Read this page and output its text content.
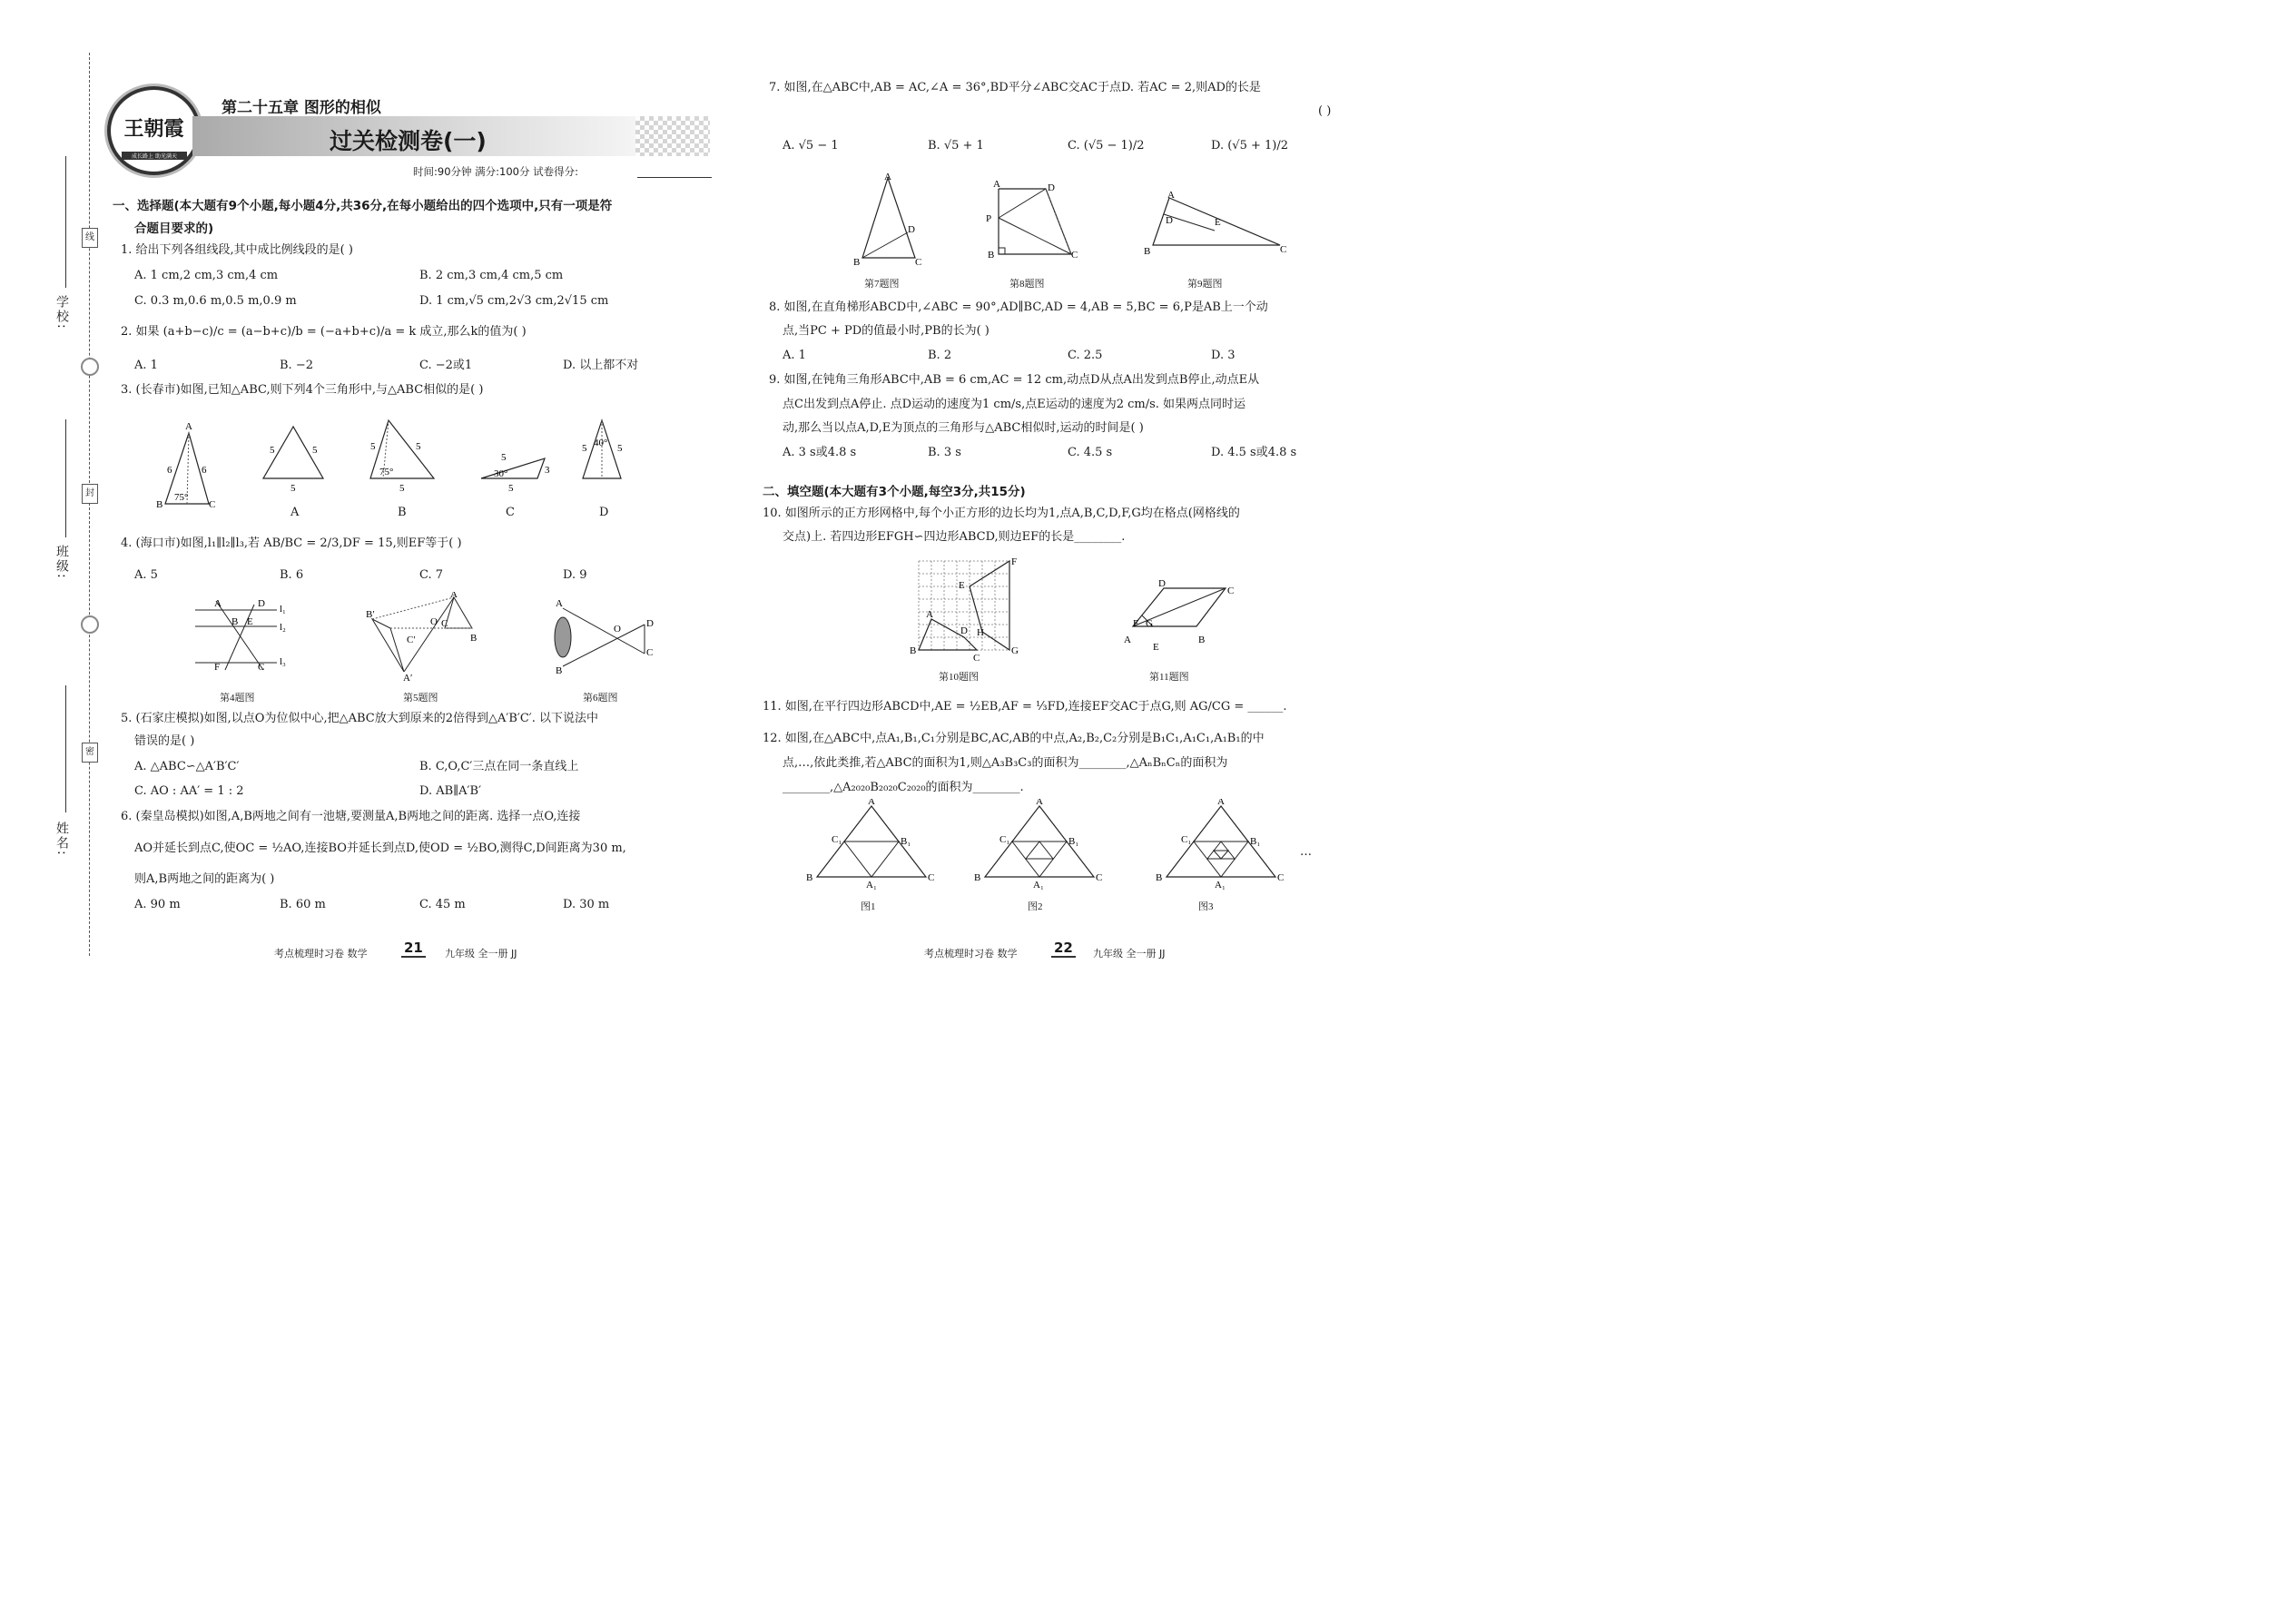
学校:
班级:
姓名:
线
封
密
王朝霞
成长路上 助光满天
第二十五章 图形的相似
过关检测卷(一)
时间:90分钟 满分:100分 试卷得分:
一、选择题(本大题有9个小题,每小题4分,共36分,在每小题给出的四个选项中,只有一项是符
合题目要求的)
1. 给出下列各组线段,其中成比例线段的是( )
A. 1 cm,2 cm,3 cm,4 cm	B. 2 cm,3 cm,4 cm,5 cm
C. 0.3 m,0.6 m,0.5 m,0.9 m	D. 1 cm,√5 cm,2√3 cm,2√15 cm
2. 如果 (a+b−c)/c = (a−b+c)/b = (−a+b+c)/a = k 成立,那么k的值为( )
A. 1	B. −2	C. −2或1	D. 以上都不对
3. (长春市)如图,已知△ABC,则下列4个三角形中,与△ABC相似的是( )
A
B	C
6	6
75°
5	5
5
5	5
5
75°
5
3
5
30°
5	5
40°
A	B	C	D
4. (海口市)如图,l₁∥l₂∥l₃,若 AB/BC = 2/3,DF = 15,则EF等于( )
A. 5	B. 6	C. 7	D. 9
A	D l₁
B E	l₂
F	C l₃
B′
C′
A′
O
A
C
B
A
B
O	D
C
第4题图	第5题图	第6题图
5. (石家庄模拟)如图,以点O为位似中心,把△ABC放大到原来的2倍得到△A′B′C′. 以下说法中
错误的是( )
A. △ABC∽△A′B′C′	B. C,O,C′三点在同一条直线上
C. AO : AA′ = 1 : 2	D. AB∥A′B′
6. (秦皇岛模拟)如图,A,B两地之间有一池塘,要测量A,B两地之间的距离. 选择一点O,连接
AO并延长到点C,使OC = ½AO,连接BO并延长到点D,使OD = ½BO,测得C,D间距离为30 m,
则A,B两地之间的距离为( )
A. 90 m	B. 60 m	C. 45 m	D. 30 m
考点梳理时习卷 数学	21 九年级 全一册 JJ
7. 如图,在△ABC中,AB = AC,∠A = 36°,BD平分∠ABC交AC于点D. 若AC = 2,则AD的长是
( )
A. √5 − 1	B. √5 + 1	C. (√5 − 1)/2	D. (√5 + 1)/2
A
B	C
D
A	D
P
B	C
A
B	C
D	E
第7题图	第8题图	第9题图
8. 如图,在直角梯形ABCD中,∠ABC = 90°,AD∥BC,AD = 4,AB = 5,BC = 6,P是AB上一个动
点,当PC + PD的值最小时,PB的长为( )
A. 1	B. 2	C. 2.5	D. 3
9. 如图,在钝角三角形ABC中,AB = 6 cm,AC = 12 cm,动点D从点A出发到点B停止,动点E从
点C出发到点A停止. 点D运动的速度为1 cm/s,点E运动的速度为2 cm/s. 如果两点同时运
动,那么当以点A,D,E为顶点的三角形与△ABC相似时,运动的时间是( )
A. 3 s或4.8 s	B. 3 s	C. 4.5 s	D. 4.5 s或4.8 s
二、填空题(本大题有3个小题,每空3分,共15分)
10. 如图所示的正方形网格中,每个小正方形的边长均为1,点A,B,C,D,F,G均在格点(网格线的
交点)上. 若四边形EFGH∽四边形ABCD,则边EF的长是________.
A
B
C
D
E
F
G
H
D
C
A	B
F G
E
第10题图	第11题图
11. 如图,在平行四边形ABCD中,AE = ½EB,AF = ⅓FD,连接EF交AC于点G,则 AG/CG = ______.
12. 如图,在△ABC中,点A₁,B₁,C₁分别是BC,AC,AB的中点,A₂,B₂,C₂分别是B₁C₁,A₁C₁,A₁B₁的中
点,…,依此类推,若△ABC的面积为1,则△A₃B₃C₃的面积为________,△AₙBₙCₙ的面积为
________,△A₂₀₂₀B₂₀₂₀C₂₀₂₀的面积为________.
A
B	C
C₁	B₁
A₁
A
B	C
C₁	B₁
A₁
A
B	C
C₁	B₁
A₁
…
图1	图2	图3
考点梳理时习卷 数学	22 九年级 全一册 JJ
